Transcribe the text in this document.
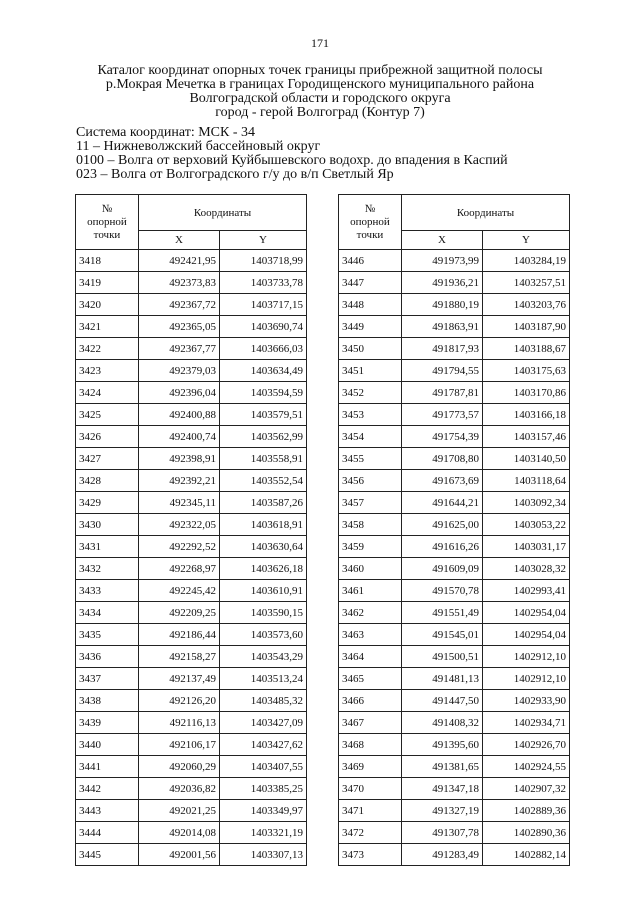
171
Каталог координат опорных точек границы прибрежной защитной полосы
р.Мокрая Мечетка в границах Городищенского муниципального района
Волгоградской области и городского округа
город - герой Волгоград (Контур 7)
Система координат: МСК - 34
11 – Нижневолжский бассейновый округ
0100 – Волга от верховий Куйбышевского водохр. до впадения в Каспий
023 – Волга от Волгоградского г/у до в/п Светлый Яр
№
опорной
точки	Координаты	
	X	Y
3418	492421,95	1403718,99
3419	492373,83	1403733,78
3420	492367,72	1403717,15
3421	492365,05	1403690,74
3422	492367,77	1403666,03
3423	492379,03	1403634,49
3424	492396,04	1403594,59
3425	492400,88	1403579,51
3426	492400,74	1403562,99
3427	492398,91	1403558,91
3428	492392,21	1403552,54
3429	492345,11	1403587,26
3430	492322,05	1403618,91
3431	492292,52	1403630,64
3432	492268,97	1403626,18
3433	492245,42	1403610,91
3434	492209,25	1403590,15
3435	492186,44	1403573,60
3436	492158,27	1403543,29
3437	492137,49	1403513,24
3438	492126,20	1403485,32
3439	492116,13	1403427,09
3440	492106,17	1403427,62
3441	492060,29	1403407,55
3442	492036,82	1403385,25
3443	492021,25	1403349,97
3444	492014,08	1403321,19
3445	492001,56	1403307,13
№
опорной
точки	Координаты	
	X	Y
3446	491973,99	1403284,19
3447	491936,21	1403257,51
3448	491880,19	1403203,76
3449	491863,91	1403187,90
3450	491817,93	1403188,67
3451	491794,55	1403175,63
3452	491787,81	1403170,86
3453	491773,57	1403166,18
3454	491754,39	1403157,46
3455	491708,80	1403140,50
3456	491673,69	1403118,64
3457	491644,21	1403092,34
3458	491625,00	1403053,22
3459	491616,26	1403031,17
3460	491609,09	1403028,32
3461	491570,78	1402993,41
3462	491551,49	1402954,04
3463	491545,01	1402954,04
3464	491500,51	1402912,10
3465	491481,13	1402912,10
3466	491447,50	1402933,90
3467	491408,32	1402934,71
3468	491395,60	1402926,70
3469	491381,65	1402924,55
3470	491347,18	1402907,32
3471	491327,19	1402889,36
3472	491307,78	1402890,36
3473	491283,49	1402882,14
